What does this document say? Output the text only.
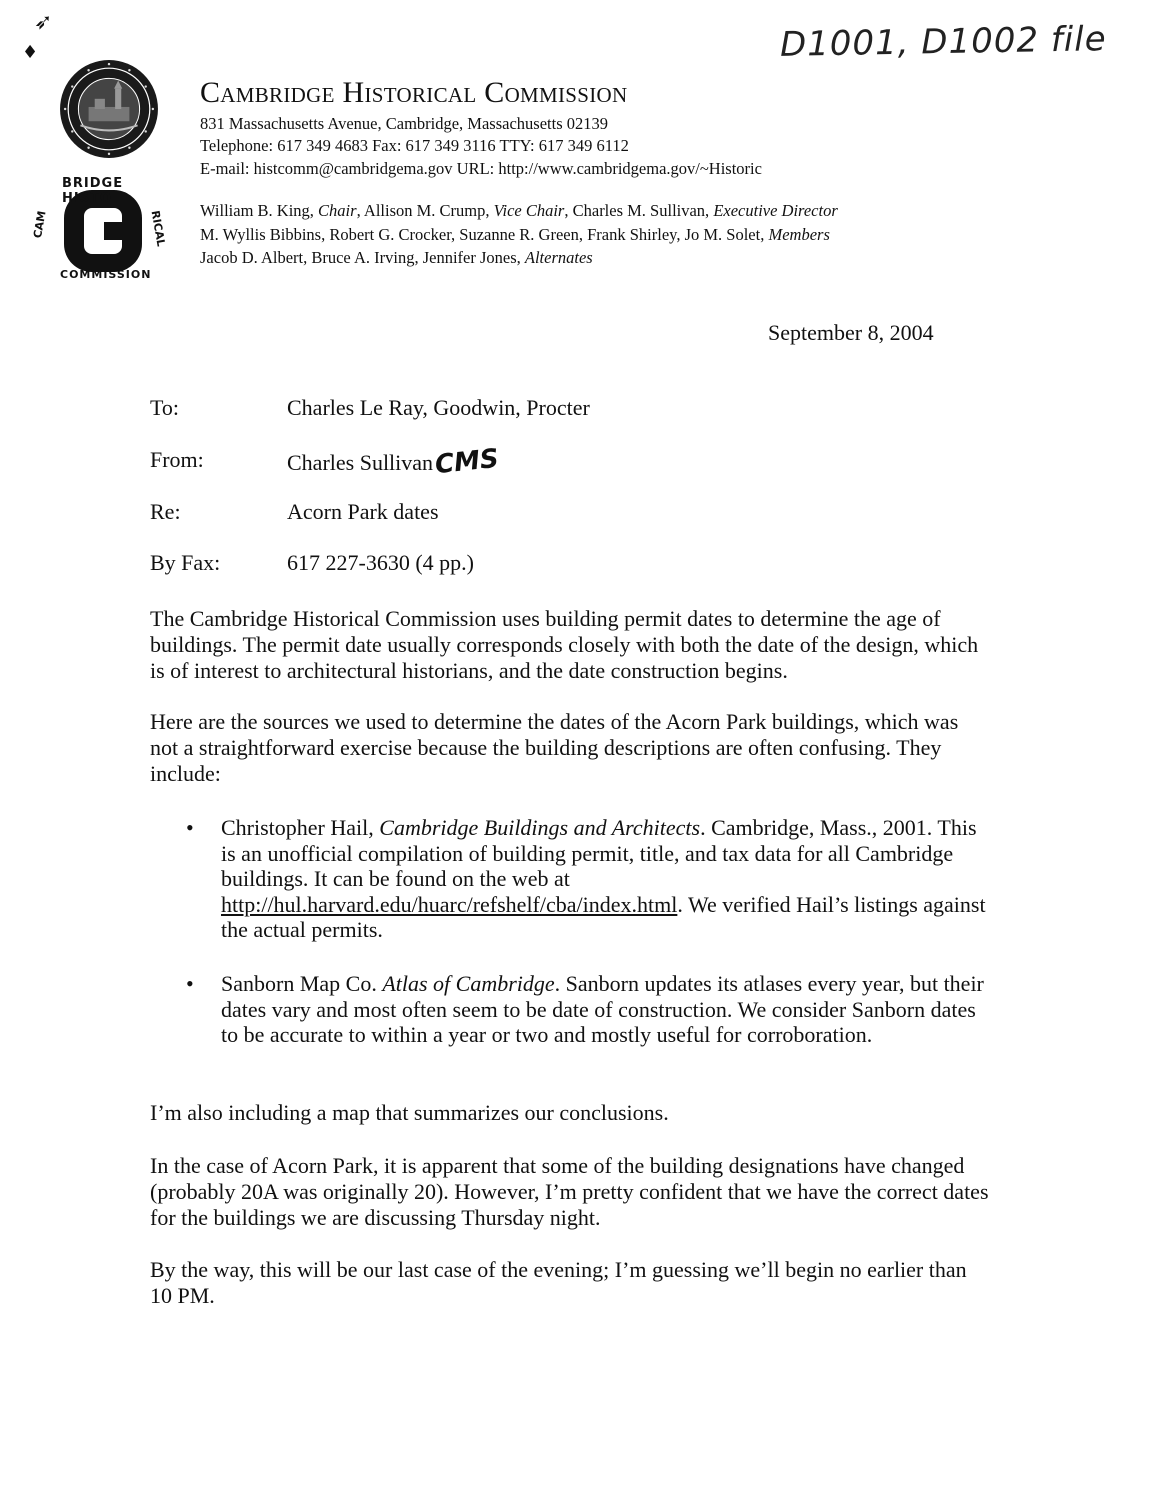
➶
♦	D1001, D1002 file
BRIDGE HISTO
CAM	RICAL
COMMISSION
Cambridge Historical Commission
831 Massachusetts Avenue, Cambridge, Massachusetts 02139
Telephone: 617 349 4683 Fax: 617 349 3116 TTY: 617 349 6112
E-mail: histcomm@cambridgema.gov URL: http://www.cambridgema.gov/~Historic
William B. King, Chair, Allison M. Crump, Vice Chair, Charles M. Sullivan, Executive Director
M. Wyllis Bibbins, Robert G. Crocker, Suzanne R. Green, Frank Shirley, Jo M. Solet, Members
Jacob D. Albert, Bruce A. Irving, Jennifer Jones, Alternates
September 8, 2004
To:	Charles Le Ray, Goodwin, Procter
From:	Charles SullivanCMS
Re:	Acorn Park dates
By Fax:	617 227-3630 (4 pp.)
The Cambridge Historical Commission uses building permit dates to determine the age of buildings. The permit date usually corresponds closely with both the date of the design, which is of interest to architectural historians, and the date construction begins.
Here are the sources we used to determine the dates of the Acorn Park buildings, which was not a straightforward exercise because the building descriptions are often confusing. They include:
• Christopher Hail, Cambridge Buildings and Architects. Cambridge, Mass., 2001. This is an unofficial compilation of building permit, title, and tax data for all Cambridge buildings. It can be found on the web at http://hul.harvard.edu/huarc/refshelf/cba/index.html. We verified Hail’s listings against the actual permits.
• Sanborn Map Co. Atlas of Cambridge. Sanborn updates its atlases every year, but their dates vary and most often seem to be date of construction. We consider Sanborn dates to be accurate to within a year or two and mostly useful for corroboration.
I’m also including a map that summarizes our conclusions.
In the case of Acorn Park, it is apparent that some of the building designations have changed (probably 20A was originally 20). However, I’m pretty confident that we have the correct dates for the buildings we are discussing Thursday night.
By the way, this will be our last case of the evening; I’m guessing we’ll begin no earlier than 10 PM.
